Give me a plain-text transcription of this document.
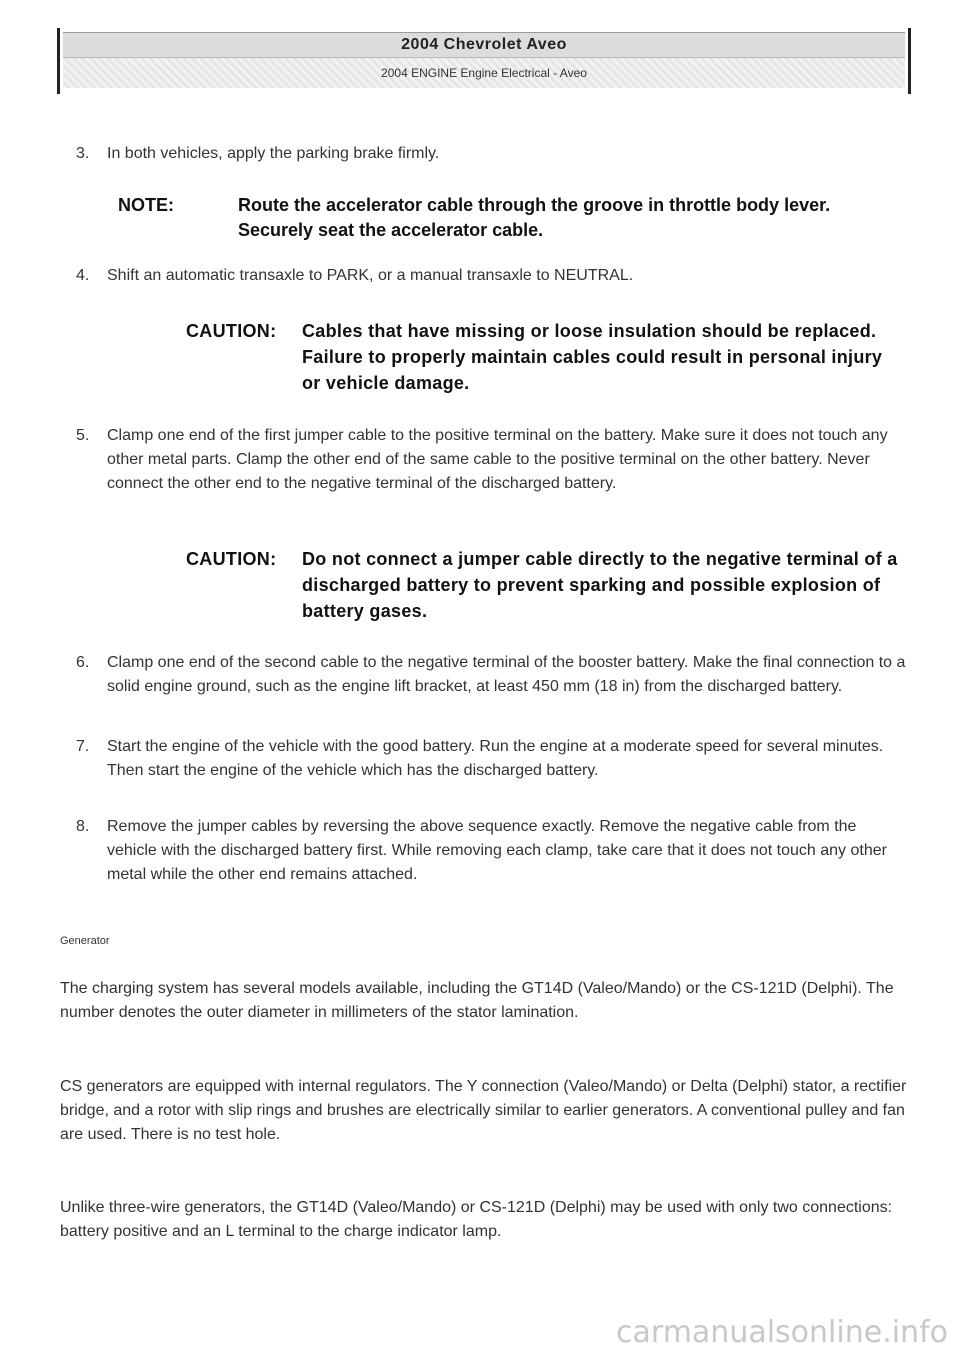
2004 Chevrolet Aveo
2004 ENGINE Engine Electrical - Aveo
3.	In both vehicles, apply the parking brake firmly.
NOTE:	Route the accelerator cable through the groove in throttle body lever. Securely seat the accelerator cable.
4.	Shift an automatic transaxle to PARK, or a manual transaxle to NEUTRAL.
CAUTION: Cables that have missing or loose insulation should be replaced. Failure to properly maintain cables could result in personal injury or vehicle damage.
5.	Clamp one end of the first jumper cable to the positive terminal on the battery. Make sure it does not touch any other metal parts. Clamp the other end of the same cable to the positive terminal on the other battery. Never connect the other end to the negative terminal of the discharged battery.
CAUTION: Do not connect a jumper cable directly to the negative terminal of a discharged battery to prevent sparking and possible explosion of battery gases.
6.	Clamp one end of the second cable to the negative terminal of the booster battery. Make the final connection to a solid engine ground, such as the engine lift bracket, at least 450 mm (18 in) from the discharged battery.
7.	Start the engine of the vehicle with the good battery. Run the engine at a moderate speed for several minutes. Then start the engine of the vehicle which has the discharged battery.
8.	Remove the jumper cables by reversing the above sequence exactly. Remove the negative cable from the vehicle with the discharged battery first. While removing each clamp, take care that it does not touch any other metal while the other end remains attached.
Generator
The charging system has several models available, including the GT14D (Valeo/Mando) or the CS-121D (Delphi). The number denotes the outer diameter in millimeters of the stator lamination.
CS generators are equipped with internal regulators. The Y connection (Valeo/Mando) or Delta (Delphi) stator, a rectifier bridge, and a rotor with slip rings and brushes are electrically similar to earlier generators. A conventional pulley and fan are used. There is no test hole.
Unlike three-wire generators, the GT14D (Valeo/Mando) or CS-121D (Delphi) may be used with only two connections: battery positive and an L terminal to the charge indicator lamp.
carmanualsonline.info
